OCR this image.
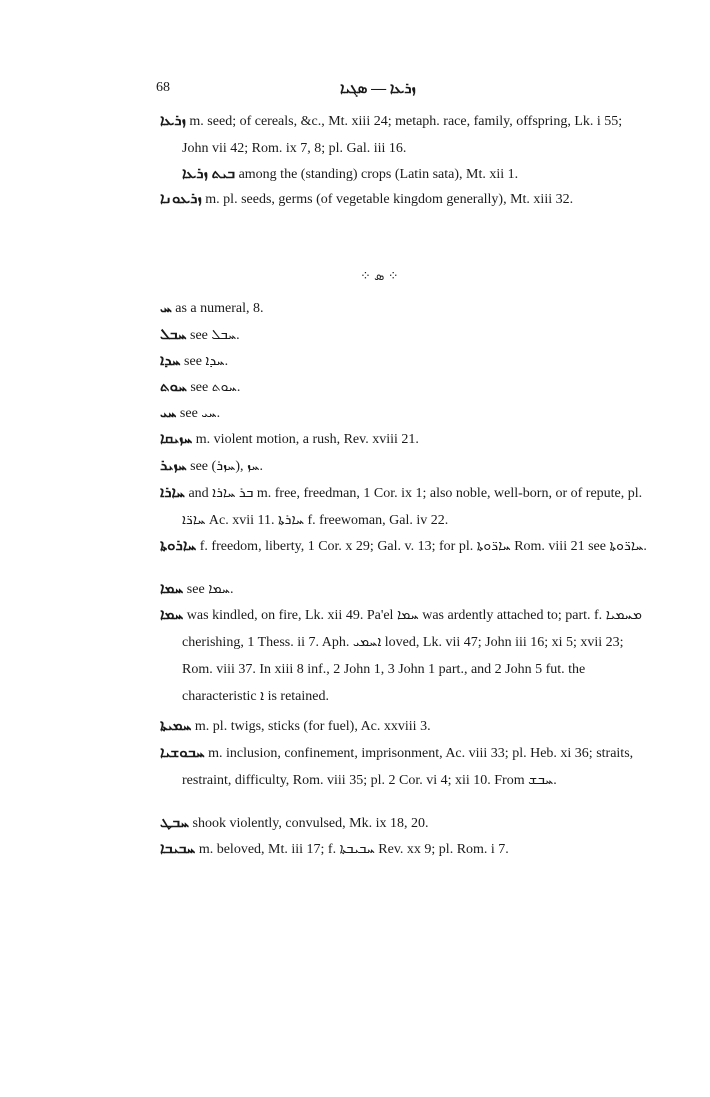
68	ܙܪܥܐ — ܣܓܝܐ
ܙܪܥܐ m. seed; of cereals, &c., Mt. xiii 24; metaph. race, family, offspring, Lk. i 55; John vii 42; Rom. ix 7, 8; pl. Gal. iii 16.
ܒܝܬ ܙܪܥܐ among the (standing) crops (Latin sata), Mt. xii 1.
ܙܪܥܘܢܐ m. pl. seeds, germs (of vegetable kingdom generally), Mt. xiii 32.
⁘ ܣ ⁘
ܚ as a numeral, 8.
ܚܒܠ see ܚܒܠ.
ܚܕܐ see ܚܕܐ.
ܚܘܬ see ܚܘܬ.
ܚܝ see ܚܝ.
ܚܙܝܩܐ m. violent motion, a rush, Rev. xviii 21.
ܚܙܝܪ see (ܚܙܪ), ܚܙ.
ܚܐܪܐ and ܒܪ ܚܐܪܐ m. free, freedman, 1 Cor. ix 1; also noble, well-born, or of repute, pl. ܚܐܪ̈ܐ Ac. xvii 11. ܚܐܪܬܐ f. freewoman, Gal. iv 22.
ܚܐܪܘܬܐ f. freedom, liberty, 1 Cor. x 29; Gal. v. 13; for pl. ܚܐܪ̈ܘܬܐ Rom. viii 21 see ܚܐܪ̈ܘܬܐ.
ܚܡܐ see ܚܡܐ.
ܚܡܐ was kindled, on fire, Lk. xii 49. Pa'el ܚܡܐ was ardently attached to; part. f. ܡܚܡܝܐ cherishing, 1 Thess. ii 7. Aph. ܐܚܡܝ loved, Lk. vii 47; John iii 16; xi 5; xvii 23; Rom. viii 37. In xiii 8 inf., 2 John 1, 3 John 1 part., and 2 John 5 fut. the characteristic ܐ is retained.
ܚܡܝܬܐ m. pl. twigs, sticks (for fuel), Ac. xxviii 3.
ܚܒܘܫܝܐ m. inclusion, confinement, imprisonment, Ac. viii 33; pl. Heb. xi 36; straits, restraint, difficulty, Rom. viii 35; pl. 2 Cor. vi 4; xii 10. From ܚܒܫ.
ܚܒܛ shook violently, convulsed, Mk. ix 18, 20.
ܚܒܝܒܐ m. beloved, Mt. iii 17; f. ܚܒܝܒܬܐ Rev. xx 9; pl. Rom. i 7.
